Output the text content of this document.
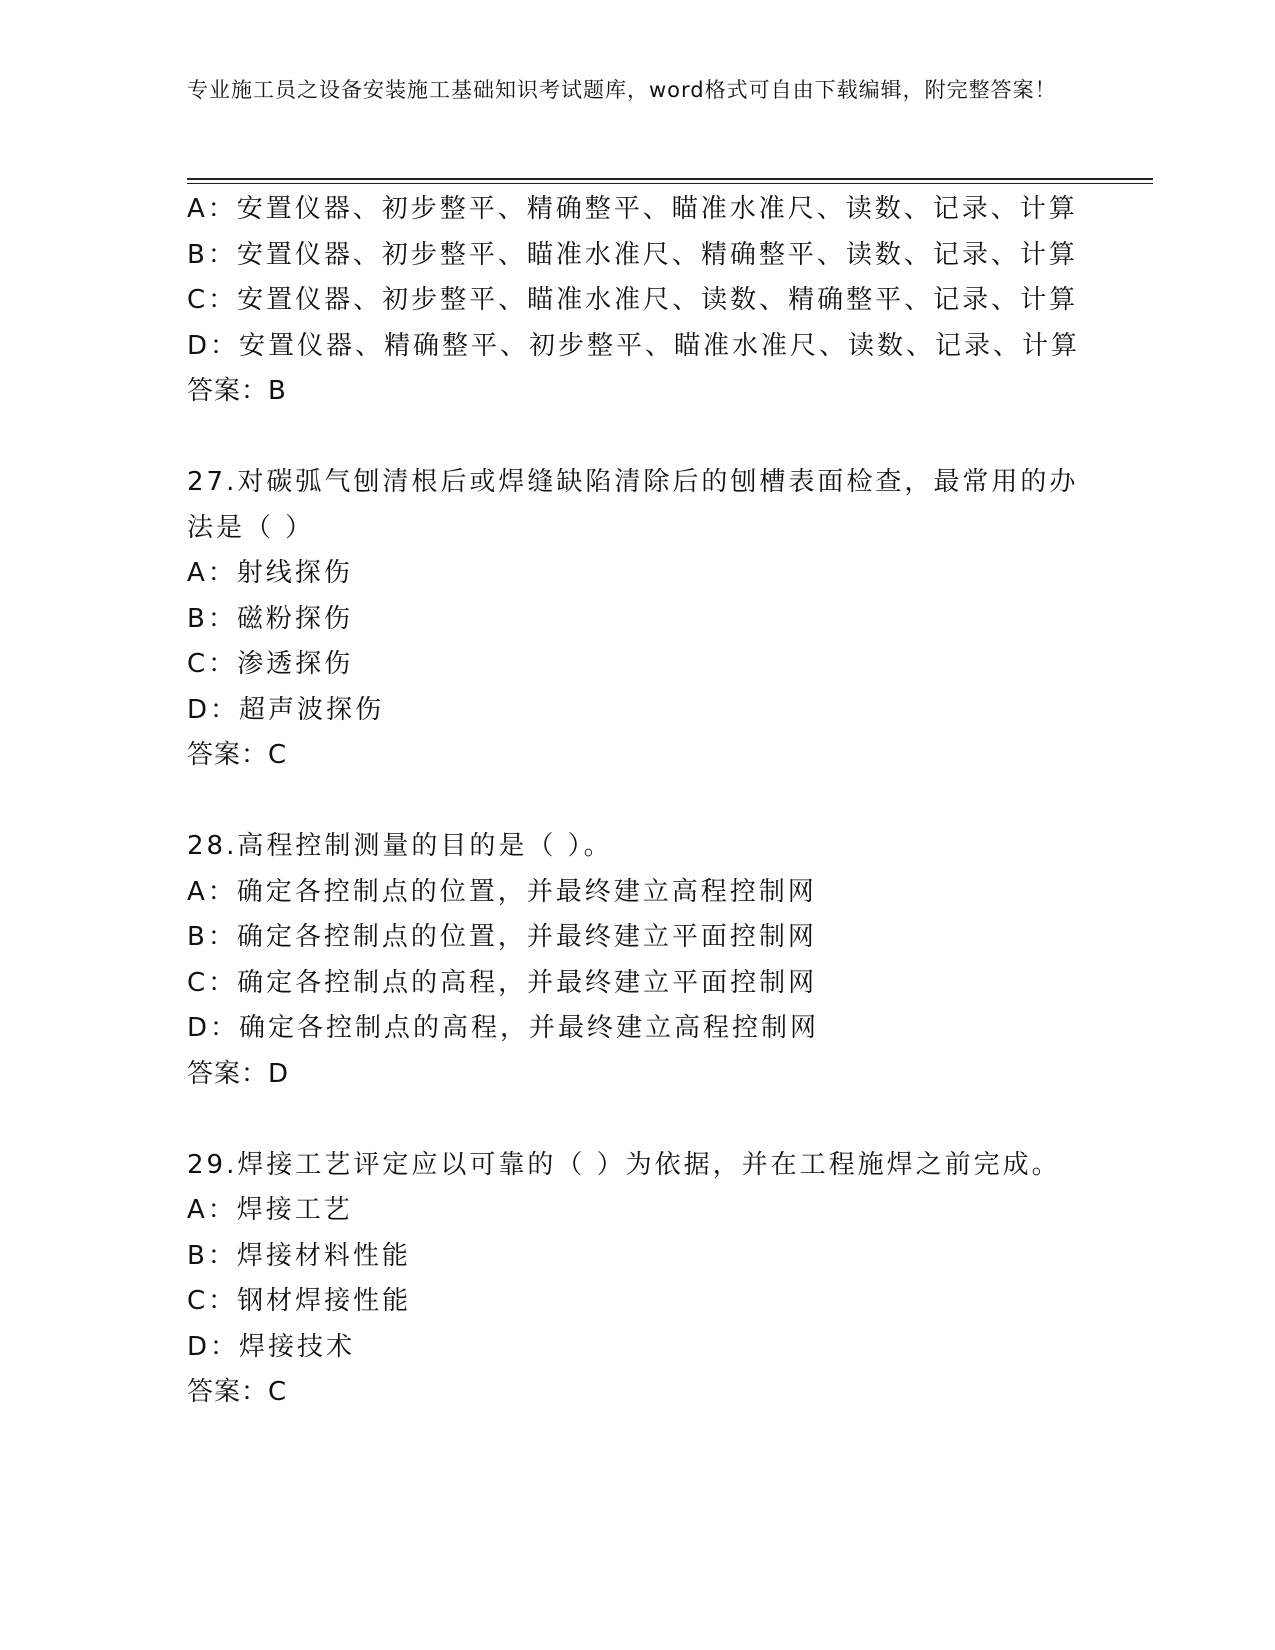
专业施工员之设备安装施工基础知识考试题库，word格式可自由下载编辑，附完整答案！
A：安置仪器、初步整平、精确整平、瞄准水准尺、读数、记录、计算
B：安置仪器、初步整平、瞄准水准尺、精确整平、读数、记录、计算
C：安置仪器、初步整平、瞄准水准尺、读数、精确整平、记录、计算
D：安置仪器、精确整平、初步整平、瞄准水准尺、读数、记录、计算
答案：B
27.对碳弧气刨清根后或焊缝缺陷清除后的刨槽表面检查，最常用的办
法是（ ）
A：射线探伤
B：磁粉探伤
C：渗透探伤
D：超声波探伤
答案：C
28.高程控制测量的目的是（ ）。
A：确定各控制点的位置，并最终建立高程控制网
B：确定各控制点的位置，并最终建立平面控制网
C：确定各控制点的高程，并最终建立平面控制网
D：确定各控制点的高程，并最终建立高程控制网
答案：D
29.焊接工艺评定应以可靠的（ ）为依据，并在工程施焊之前完成。
A：焊接工艺
B：焊接材料性能
C：钢材焊接性能
D：焊接技术
答案：C
